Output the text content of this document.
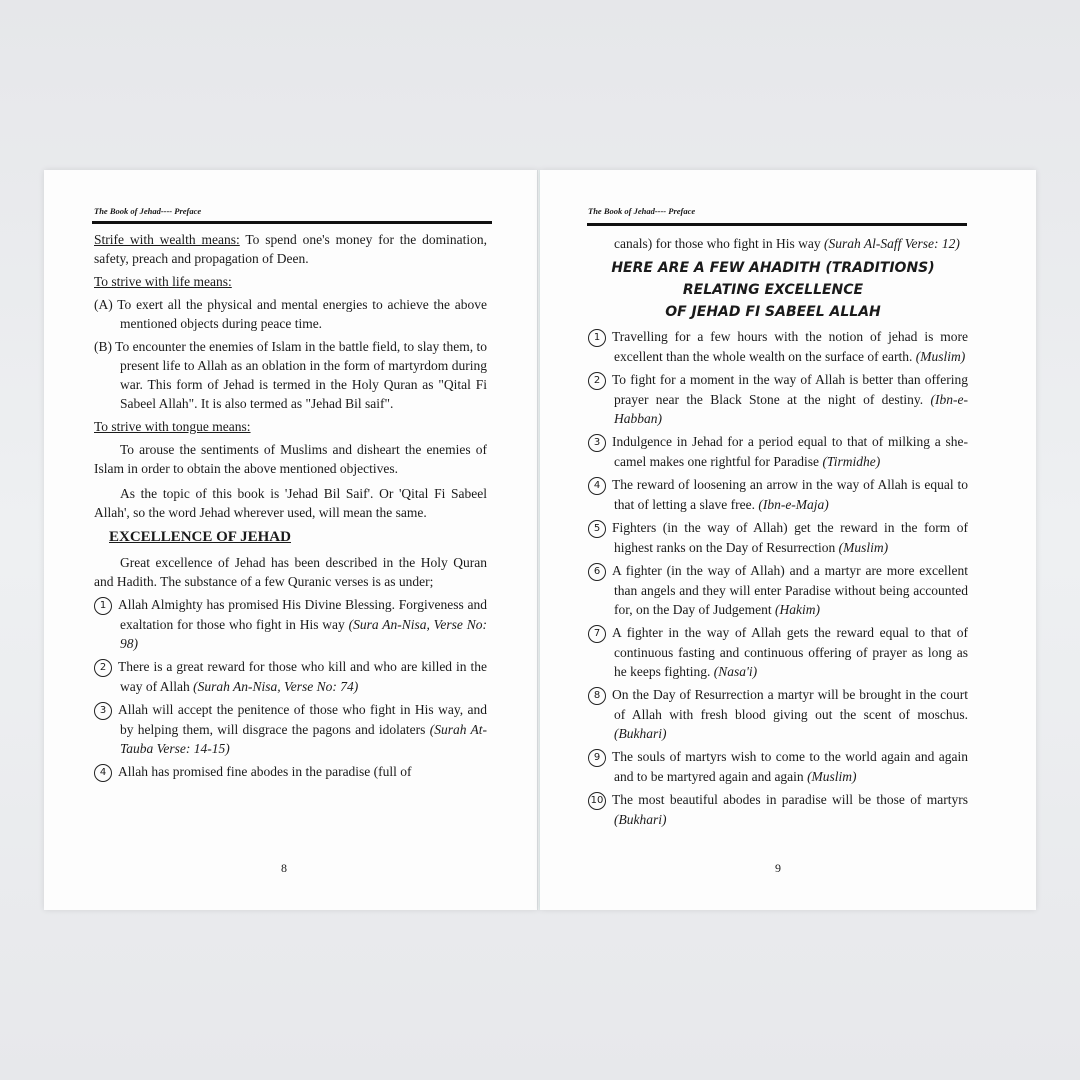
The Book of Jehad---- Preface

Strife with wealth means: To spend one's money for the domination, safety, preach and propagation of Deen.

To strive with life means:

(A) To exert all the physical and mental energies to achieve the above mentioned objects during peace time.

(B) To encounter the enemies of Islam in the battle field, to slay them, to present life to Allah as an oblation in the form of martyrdom during war. This form of Jehad is termed in the Holy Quran as "Qital Fi Sabeel Allah". It is also termed as "Jehad Bil saif".

To strive with tongue means:

To arouse the sentiments of Muslims and disheart the enemies of Islam in order to obtain the above mentioned objectives.

As the topic of this book is 'Jehad Bil Saif'. Or 'Qital Fi Sabeel Allah', so the word Jehad wherever used, will mean the same.

EXCELLENCE OF JEHAD

Great excellence of Jehad has been described in the Holy Quran and Hadith. The substance of a few Quranic verses is as under;

1 Allah Almighty has promised His Divine Blessing. Forgiveness and exaltation for those who fight in His way (Sura An-Nisa, Verse No: 98)

2 There is a great reward for those who kill and who are killed in the way of Allah (Surah An-Nisa, Verse No: 74)

3 Allah will accept the penitence of those who fight in His way, and by helping them, will disgrace the pagons and idolaters (Surah At-Tauba Verse: 14-15)

4 Allah has promised fine abodes in the paradise (full of

8
The Book of Jehad---- Preface

canals) for those who fight in His way (Surah Al-Saff Verse: 12)

HERE ARE A FEW AHADITH (TRADITIONS)
RELATING EXCELLENCE
OF JEHAD FI SABEEL ALLAH

1 Travelling for a few hours with the notion of jehad is more excellent than the whole wealth on the surface of earth. (Muslim)

2 To fight for a moment in the way of Allah is better than offering prayer near the Black Stone at the night of destiny. (Ibn-e-Habban)

3 Indulgence in Jehad for a period equal to that of milking a she-camel makes one rightful for Paradise (Tirmidhe)

4 The reward of loosening an arrow in the way of Allah is equal to that of letting a slave free. (Ibn-e-Maja)

5 Fighters (in the way of Allah) get the reward in the form of highest ranks on the Day of Resurrection (Muslim)

6 A fighter (in the way of Allah) and a martyr are more excellent than angels and they will enter Paradise without being accounted for, on the Day of Judgement (Hakim)

7 A fighter in the way of Allah gets the reward equal to that of continuous fasting and continuous offering of prayer as long as he keeps fighting. (Nasa'i)

8 On the Day of Resurrection a martyr will be brought in the court of Allah with fresh blood giving out the scent of moschus. (Bukhari)

9 The souls of martyrs wish to come to the world again and again and to be martyred again and again (Muslim)

10 The most beautiful abodes in paradise will be those of martyrs (Bukhari)

9
